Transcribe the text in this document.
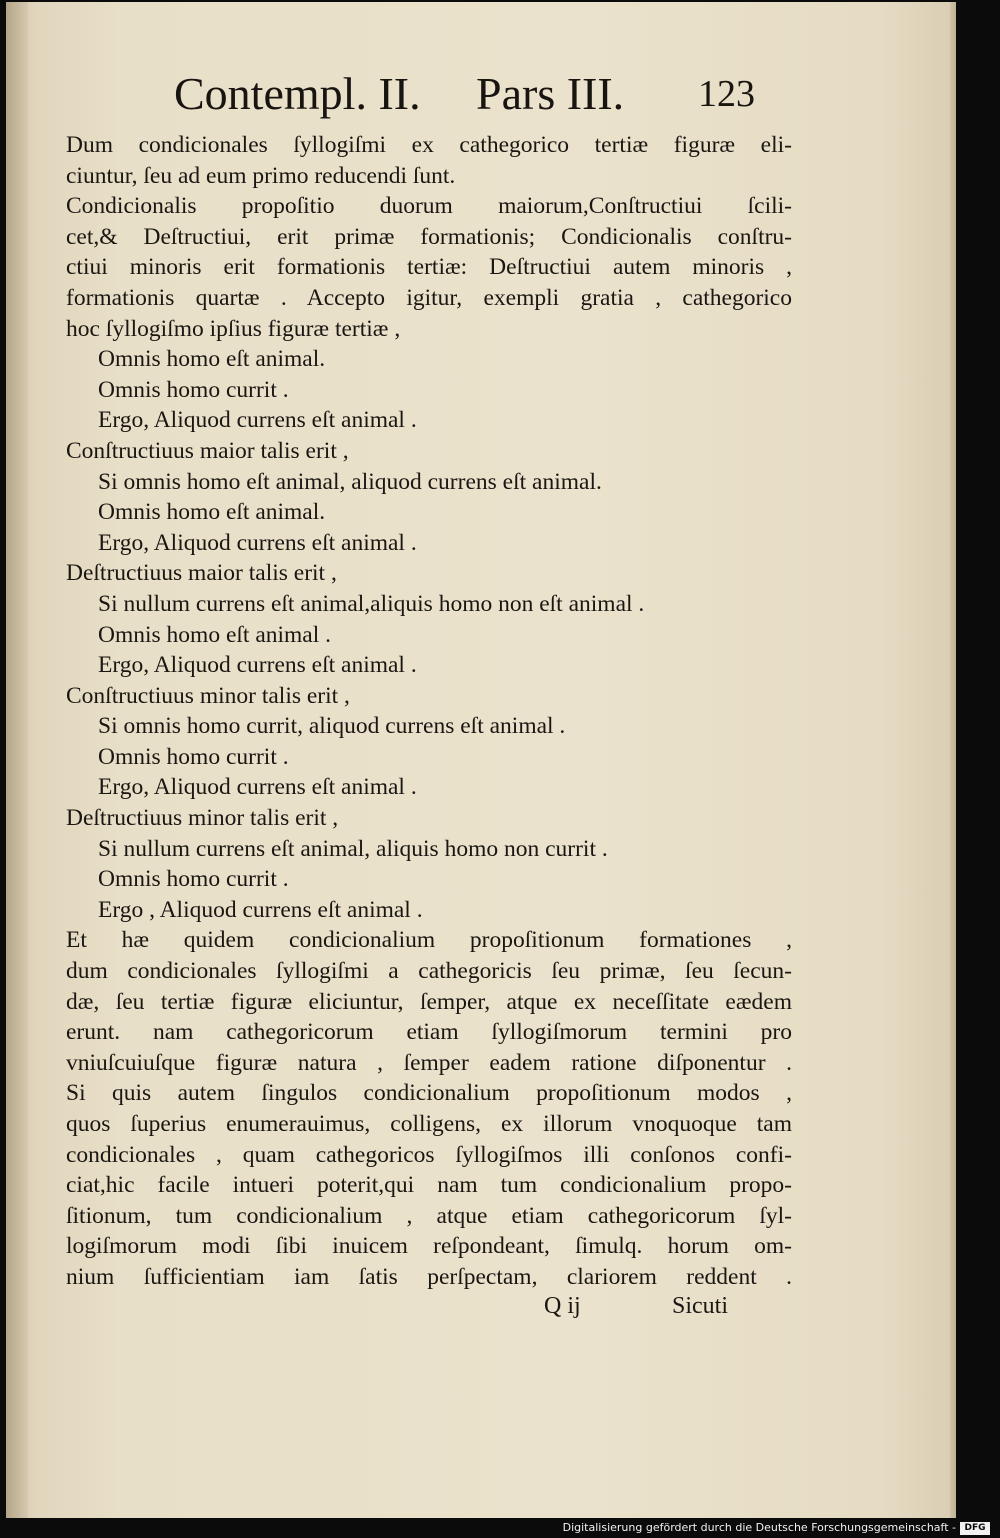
Contempl. II. Pars III. 123
Dum condicionales ſyllogiſmi ex cathegorico tertiæ figuræ eli-
ciuntur, ſeu ad eum primo reducendi ſunt.
Condicionalis propoſitio duorum maiorum,Conſtructiui ſcili-
cet,& Deſtructiui, erit primæ formationis; Condicionalis conſtru-
ctiui minoris erit formationis tertiæ: Deſtructiui autem minoris ,
formationis quartæ . Accepto igitur, exempli gratia , cathegorico
hoc ſyllogiſmo ipſius figuræ tertiæ ,
Omnis homo eſt animal.
Omnis homo currit .
Ergo, Aliquod currens eſt animal .
Conſtructiuus maior talis erit ,
Si omnis homo eſt animal, aliquod currens eſt animal.
Omnis homo eſt animal.
Ergo, Aliquod currens eſt animal .
Deſtructiuus maior talis erit ,
Si nullum currens eſt animal,aliquis homo non eſt animal .
Omnis homo eſt animal .
Ergo, Aliquod currens eſt animal .
Conſtructiuus minor talis erit ,
Si omnis homo currit, aliquod currens eſt animal .
Omnis homo currit .
Ergo, Aliquod currens eſt animal .
Deſtructiuus minor talis erit ,
Si nullum currens eſt animal, aliquis homo non currit .
Omnis homo currit .
Ergo , Aliquod currens eſt animal .
Et hæ quidem condicionalium propoſitionum formationes ,
dum condicionales ſyllogiſmi a cathegoricis ſeu primæ, ſeu ſecun-
dæ, ſeu tertiæ figuræ eliciuntur, ſemper, atque ex neceſſitate eædem
erunt. nam cathegoricorum etiam ſyllogiſmorum termini pro
vniuſcuiuſque figuræ natura , ſemper eadem ratione diſponentur .
Si quis autem ſingulos condicionalium propoſitionum modos ,
quos ſuperius enumerauimus, colligens, ex illorum vnoquoque tam
condicionales , quam cathegoricos ſyllogiſmos illi conſonos confi-
ciat,hic facile intueri poterit,qui nam tum condicionalium propo-
ſitionum, tum condicionalium , atque etiam cathegoricorum ſyl-
logiſmorum modi ſibi inuicem reſpondeant, ſimulq. horum om-
nium ſufficientiam iam ſatis perſpectam, clariorem reddent .
Q ij	Sicuti
Digitalisierung gefördert durch die Deutsche Forschungsgemeinschaft - DFG
